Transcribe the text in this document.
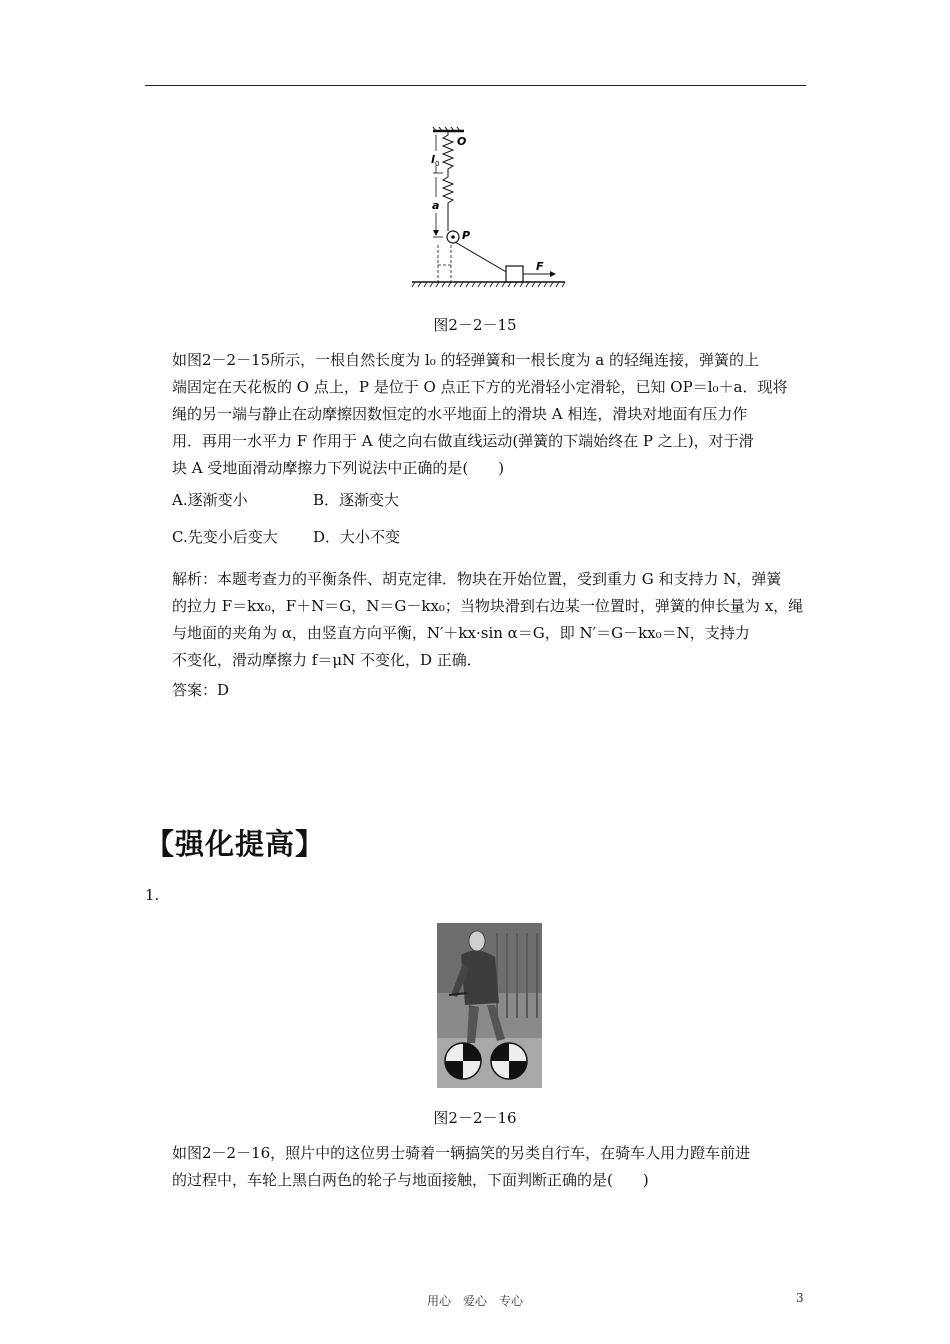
O
l 0
a
P
F
图2－2－15

如图2－2－15所示，一根自然长度为 l₀ 的轻弹簧和一根长度为 a 的轻绳连接，弹簧的上

端固定在天花板的 O 点上，P 是位于 O 点正下方的光滑轻小定滑轮，已知 OP＝l₀＋a．现将

绳的另一端与静止在动摩擦因数恒定的水平地面上的滑块 A 相连，滑块对地面有压力作

用．再用一水平力 F 作用于 A 使之向右做直线运动(弹簧的下端始终在 P 之上)，对于滑

块 A 受地面滑动摩擦力下列说法中正确的是(　　)

A.逐渐变小	B．逐渐变大
C.先变小后变大 D．大小不变

解析：本题考查力的平衡条件、胡克定律．物块在开始位置，受到重力 G 和支持力 N，弹簧

的拉力 F＝kx₀，F＋N＝G，N＝G－kx₀；当物块滑到右边某一位置时，弹簧的伸长量为 x，绳

与地面的夹角为 α，由竖直方向平衡，N′＋kx·sin α＝G，即 N′＝G－kx₀＝N，支持力

不变化，滑动摩擦力 f＝μN 不变化，D 正确．

答案：D
【强化提高】
1.
图2－2－16

如图2－2－16，照片中的这位男士骑着一辆搞笑的另类自行车，在骑车人用力蹬车前进

的过程中，车轮上黑白两色的轮子与地面接触，下面判断正确的是(　　)

用心　爱心　专心	3
